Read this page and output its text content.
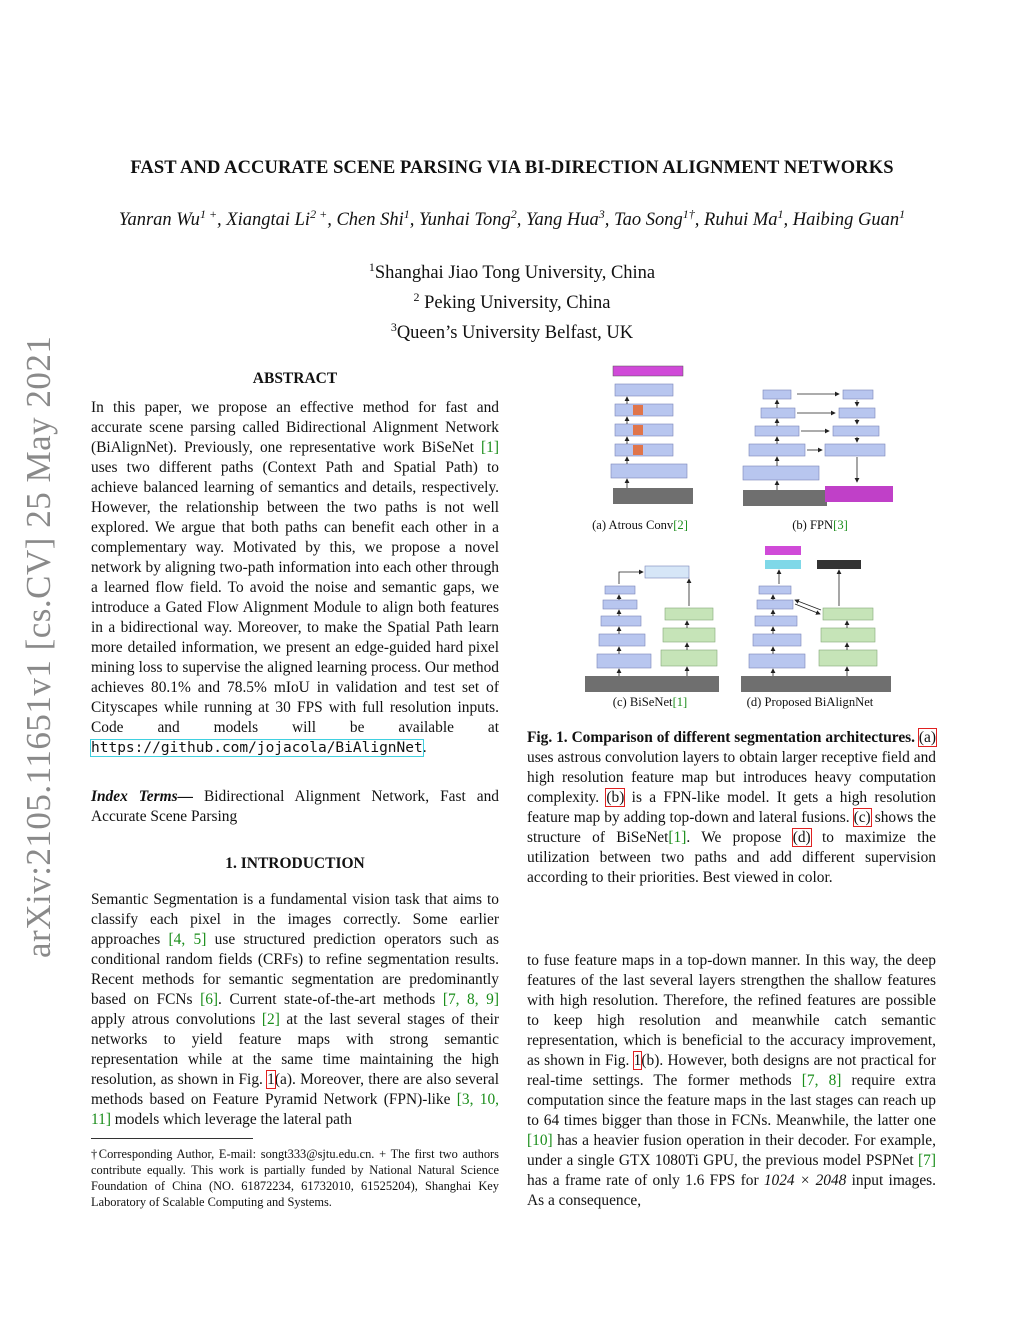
FAST AND ACCURATE SCENE PARSING VIA BI-DIRECTION ALIGNMENT NETWORKS
Yanran $Wu^{1 +}$, Xiangtai $Li^{2 +}$, Chen Shi$^1$, Yunhai Tong$^2$, Yang Hua$^3$, Tao Song$^{1\dagger}$, Ruhui Ma$^1$, Haibing Guan$^1$
$^1$Shanghai Jiao Tong University, China
$^2$ Peking University, China
$^3$Queen’s University Belfast, UK
arXiv:2105.11651v1 [cs.CV] 25 May 2021	ABSTRACT
In this paper, we propose an effective method for fast and accurate scene parsing called Bidirectional Alignment Network (BiAlignNet). Previously, one representative work BiSeNet [1] uses two different paths (Context Path and Spatial Path) to achieve balanced learning of semantics and details, respectively. However, the relationship between the two paths is not well explored. We argue that both paths can benefit each other in a complementary way. Motivated by this, we propose a novel network by aligning two-path information into each other through a learned flow field. To avoid the noise and semantic gaps, we introduce a Gated Flow Alignment Module to align both features in a bidirectional way. Moreover, to make the Spatial Path learn more detailed information, we present an edge-guided hard pixel mining loss to supervise the aligned learning process. Our method achieves 80.1% and 78.5% mIoU in validation and test set of Cityscapes while running at 30 FPS with full resolution inputs. Code and models will be available at https://github.com/jojacola/BiAlignNet.
Index Terms— Bidirectional Alignment Network, Fast and Accurate Scene Parsing
1. INTRODUCTION
Semantic Segmentation is a fundamental vision task that aims to classify each pixel in the images correctly. Some earlier approaches [4, 5] use structured prediction operators such as conditional random fields (CRFs) to refine segmentation results. Recent methods for semantic segmentation are predominantly based on FCNs [6]. Current state-of-the-art methods [7, 8, 9] apply atrous convolutions [2] at the last several stages of their networks to yield feature maps with strong semantic representation while at the same time maintaining the high resolution, as shown in Fig. 1(a). Moreover, there are also several methods based on Feature Pyramid Network (FPN)-like [3, 10, 11] models which leverage the lateral path
†Corresponding Author, E-mail: songt333@sjtu.edu.cn. + The first two authors contribute equally. This work is partially funded by National Natural Science Foundation of China (NO. 61872234, 61732010, 61525204), Shanghai Key Laboratory of Scalable Computing and Systems.
(a) Atrous Conv[2]	(b) FPN[3]
(c) BiSeNet[1]	(d) Proposed BiAlignNet
Fig. 1. Comparison of different segmentation architectures. (a) uses astrous convolution layers to obtain larger receptive field and high resolution feature map but introduces heavy computation complexity. (b) is a FPN-like model. It gets a high resolution feature map by adding top-down and lateral fusions. (c) shows the structure of BiSeNet[1]. We propose (d) to maximize the utilization between two paths and add different supervision according to their priorities. Best viewed in color.
to fuse feature maps in a top-down manner. In this way, the deep features of the last several layers strengthen the shallow features with high resolution. Therefore, the refined features are possible to keep high resolution and meanwhile catch semantic representation, which is beneficial to the accuracy improvement, as shown in Fig. 1(b). However, both designs are not practical for real-time settings. The former methods [7, 8] require extra computation since the feature maps in the last stages can reach up to 64 times bigger than those in FCNs. Meanwhile, the latter one [10] has a heavier fusion operation in their decoder. For example, under a single GTX 1080Ti GPU, the previous model PSPNet [7] has a frame rate of only 1.6 FPS for 1024 × 2048 input images. As a consequence,
